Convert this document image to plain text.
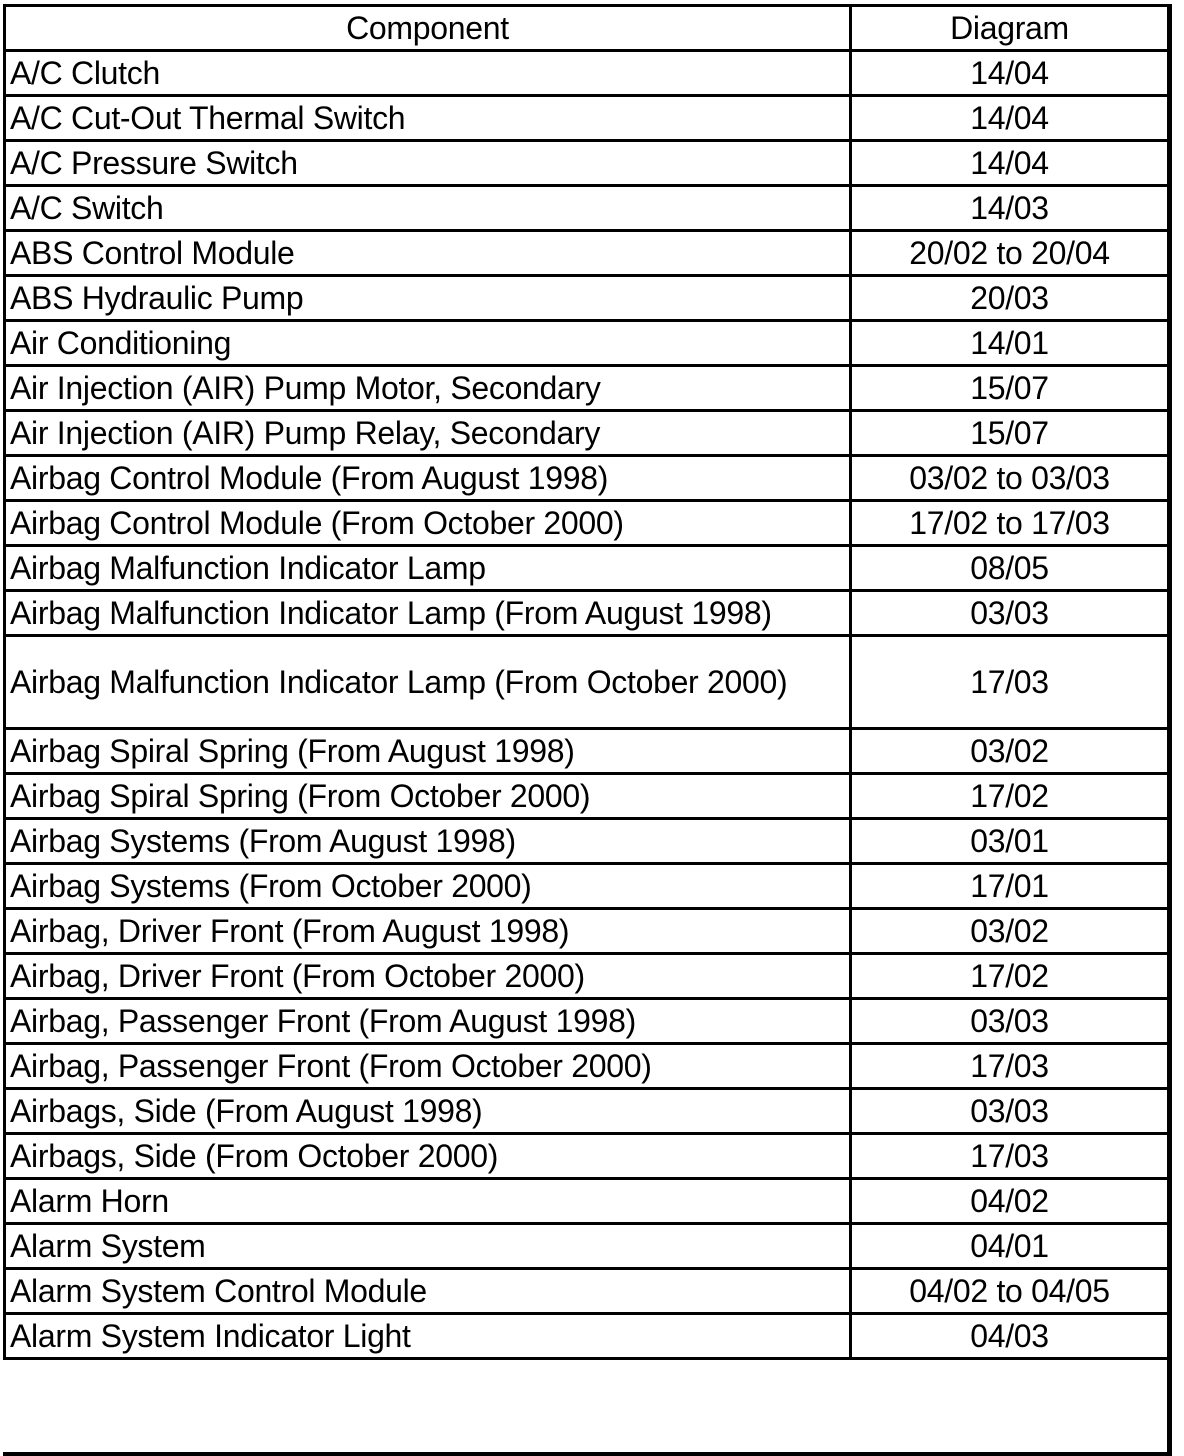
Component	Diagram
A/C Clutch	14/04
A/C Cut-Out Thermal Switch	14/04
A/C Pressure Switch	14/04
A/C Switch	14/03
ABS Control Module	20/02 to 20/04
ABS Hydraulic Pump	20/03
Air Conditioning	14/01
Air Injection (AIR) Pump Motor, Secondary	15/07
Air Injection (AIR) Pump Relay, Secondary	15/07
Airbag Control Module (From August 1998)	03/02 to 03/03
Airbag Control Module (From October 2000)	17/02 to 17/03
Airbag Malfunction Indicator Lamp	08/05
Airbag Malfunction Indicator Lamp (From August 1998)	03/03
Airbag Malfunction Indicator Lamp (From October 2000)	17/03
Airbag Spiral Spring (From August 1998)	03/02
Airbag Spiral Spring (From October 2000)	17/02
Airbag Systems (From August 1998)	03/01
Airbag Systems (From October 2000)	17/01
Airbag, Driver Front (From August 1998)	03/02
Airbag, Driver Front (From October 2000)	17/02
Airbag, Passenger Front (From August 1998)	03/03
Airbag, Passenger Front (From October 2000)	17/03
Airbags, Side (From August 1998)	03/03
Airbags, Side (From October 2000)	17/03
Alarm Horn	04/02
Alarm System	04/01
Alarm System Control Module	04/02 to 04/05
Alarm System Indicator Light	04/03
